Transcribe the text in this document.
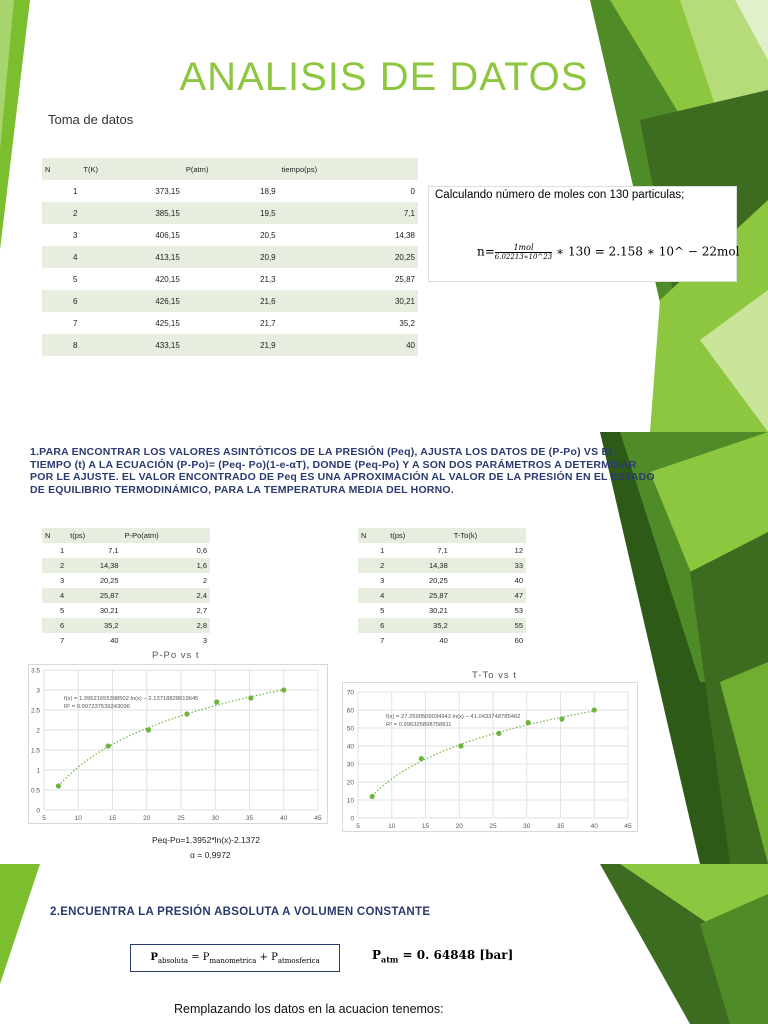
ANALISIS DE DATOS
Toma de datos
N	T(K)	P(atm)	tiempo(ps)
1	373,15	18,9	0
2	385,15	19,5	7,1
3	406,15	20,5	14,38
4	413,15	20,9	20,25
5	420,15	21,3	25,87
6	426,15	21,6	30,21
7	425,15	21,7	35,2
8	433,15	21,9	40
Calculando número de moles con 130 particulas;
$n= \frac{\text{1mol}}{6.02213∗10\^{}23}$ ∗ 130 = 2.158 ∗ 10^ − 22mol
1.PARA ENCONTRAR LOS VALORES ASINTÓTICOS DE LA PRESIÓN (Peq), AJUSTA LOS DATOS DE (P-Po) VS EL TIEMPO (t) A LA ECUACIÓN (P-Po)= (Peq- Po)(1-e-αT), DONDE (Peq-Po) Y A SON DOS PARÁMETROS A DETERMINAR POR LE AJUSTE. EL VALOR ENCONTRADO DE Peq ES UNA APROXIMACIÓN AL VALOR DE LA PRESIÓN EN EL ESTADO DE EQUILIBRIO TERMODINÁMICO, PARA LA TEMPERATURA MEDIA DEL HORNO.
N	t(ps)	P-Po(atm)
1	7,1	0,6
2	14,38	1,6
3	20,25	2
4	25,87	2,4
5	30,21	2,7
6	35,2	2,8
7	40	3
N	t(ps)	T-To(k)
1	7,1	12
2	14,38	33
3	20,25	40
4	25,87	47
5	30,21	53
6	35,2	55
7	40	60
P-Po vs t
0
0.5
1
1.5
2
2.5
3
3.5
5	10	15	20	25	30	35	40	45
f(x) = 1.39521655398502 ln(x) − 2.13718828619645
R² = 0.997237539243096
Peq-Po=1.3952*ln(x)-2.1372
α = 0,9972
T-To vs t
0
10
20
30
40
50
60
70
5	10	15	20	25	30	35	40	45
f(x) = 27.2590509034943 ln(x) − 41.0433748785462
R² = 0.996325898758811
2.ENCUENTRA LA PRESIÓN ABSOLUTA A VOLUMEN CONSTANTE
$P_{absoluta} = P_{manometrica} + P_{atmosferica}$	$P_{atm} = 0$. 64848 [bar]
Remplazando los datos en la acuacion tenemos:
